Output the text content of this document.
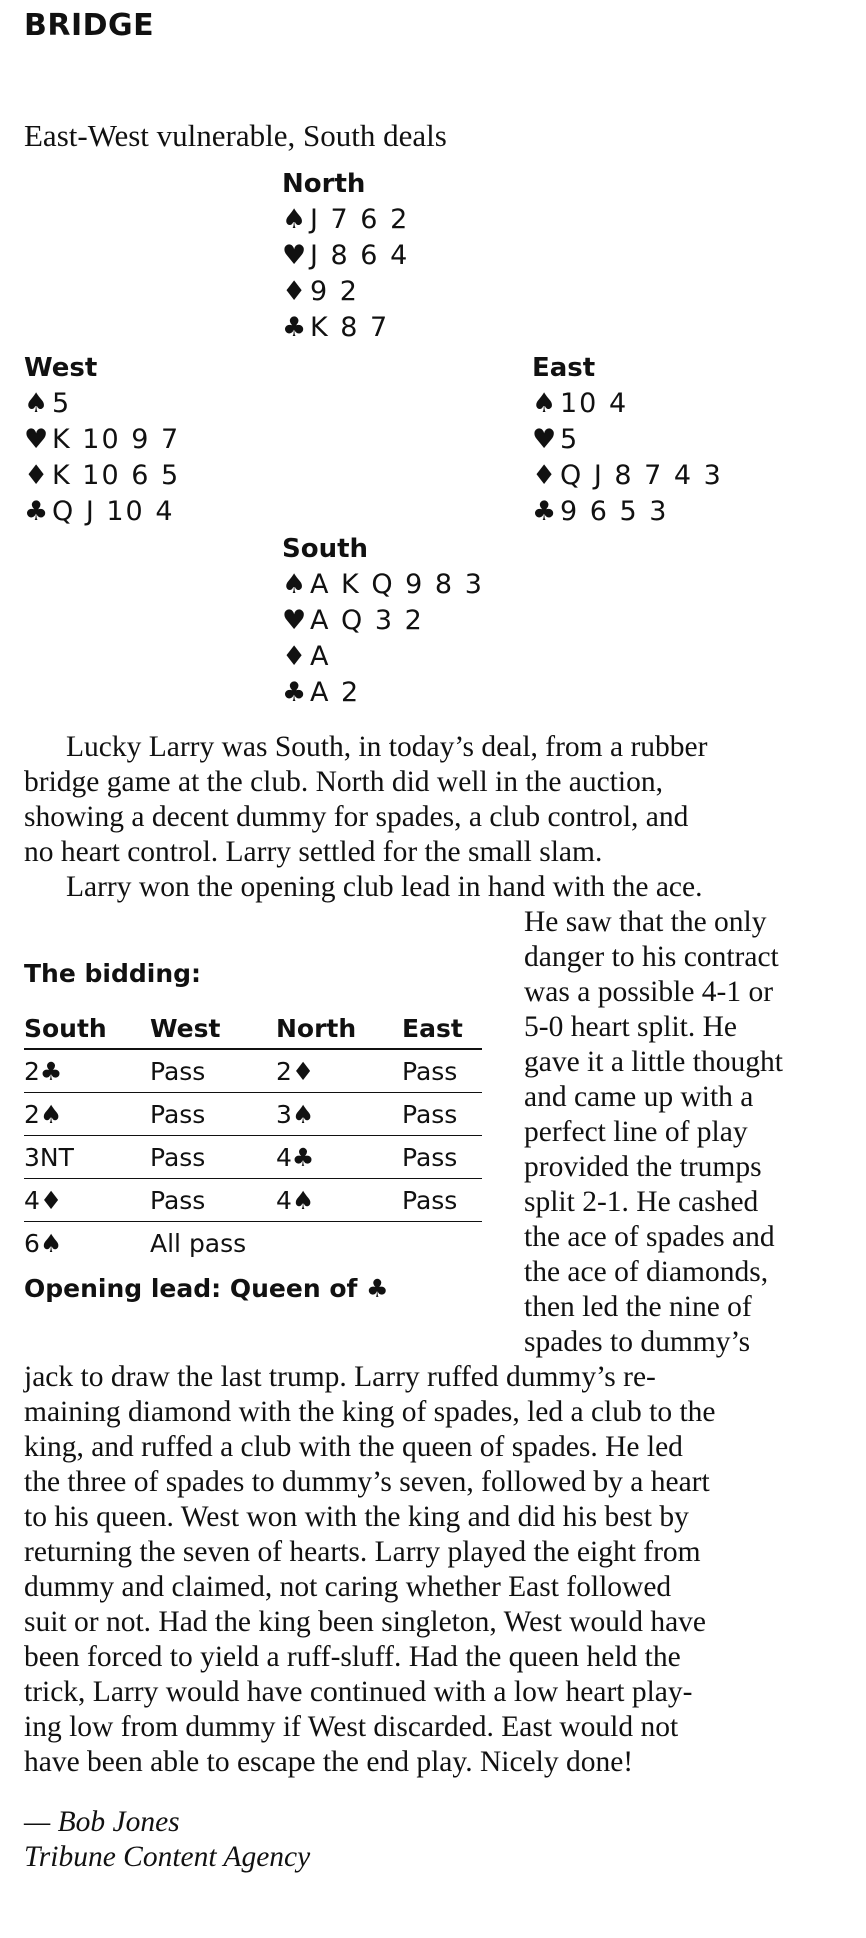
BRIDGE
East-West vulnerable, South deals
North
♠ J 7 6 2
♥ J 8 6 4
♦ 9 2
♣ K 8 7
West
♠ 5
♥ K 10 9 7
♦ K 10 6 5
♣ Q J 10 4
East
♠ 10 4
♥ 5
♦ Q J 8 7 4 3
♣ 9 6 5 3
South
♠ A K Q 9 8 3
♥ A Q 3 2
♦ A
♣ A 2
Lucky Larry was South, in today’s deal, from a rubber
bridge game at the club. North did well in the auction,
showing a decent dummy for spades, a club control, and
no heart control. Larry settled for the small slam.
Larry won the opening club lead in hand with the ace.
He saw that the only
danger to his contract
was a possible 4-1 or
5-0 heart split. He
gave it a little thought
and came up with a
perfect line of play
provided the trumps
split 2-1. He cashed
the ace of spades and
the ace of diamonds,
then led the nine of
spades to dummy’s
The bidding:
South	West	North	East
2♣	Pass	2♦	Pass
2♠	Pass	3♠	Pass
3NT	Pass	4♣	Pass
4♦	Pass	4♠	Pass
6♠	All pass		
Opening lead: Queen of ♣
jack to draw the last trump. Larry ruffed dummy’s re-
maining diamond with the king of spades, led a club to the
king, and ruffed a club with the queen of spades. He led
the three of spades to dummy’s seven, followed by a heart
to his queen. West won with the king and did his best by
returning the seven of hearts. Larry played the eight from
dummy and claimed, not caring whether East followed
suit or not. Had the king been singleton, West would have
been forced to yield a ruff-sluff. Had the queen held the
trick, Larry would have continued with a low heart play-
ing low from dummy if West discarded. East would not
have been able to escape the end play. Nicely done!
— Bob Jones
Tribune Content Agency
